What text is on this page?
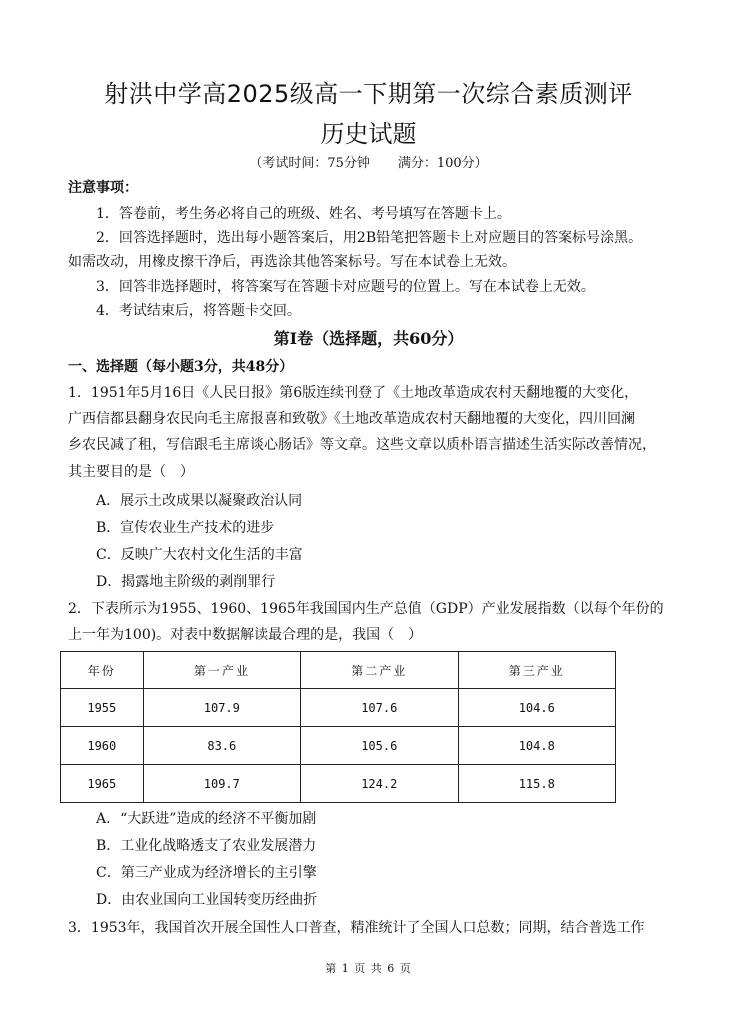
射洪中学高2025级高一下期第一次综合素质测评
历史试题
（考试时间：75分钟 满分：100分）
注意事项：
1．答卷前，考生务必将自己的班级、姓名、考号填写在答题卡上。
2．回答选择题时，选出每小题答案后，用2B铅笔把答题卡上对应题目的答案标号涂黑。
如需改动，用橡皮擦干净后，再选涂其他答案标号。写在本试卷上无效。
3．回答非选择题时，将答案写在答题卡对应题号的位置上。写在本试卷上无效。
4．考试结束后，将答题卡交回。
第Ⅰ卷（选择题，共60分）
一、选择题（每小题3分，共48分）
1．1951年5月16日《人民日报》第6版连续刊登了《土地改革造成农村天翻地覆的大变化，
广西信都县翻身农民向毛主席报喜和致敬》《土地改革造成农村天翻地覆的大变化，四川回澜
乡农民减了租，写信跟毛主席谈心肠话》等文章。这些文章以质朴语言描述生活实际改善情况，
其主要目的是（　）
A．展示土改成果以凝聚政治认同
B．宣传农业生产技术的进步
C．反映广大农村文化生活的丰富
D．揭露地主阶级的剥削罪行
2．下表所示为1955、1960、1965年我国国内生产总值（GDP）产业发展指数（以每个年份的
上一年为100)。对表中数据解读最合理的是，我国（　）
年份	第一产业	第二产业	第三产业
1955	107.9	107.6	104.6
1960	83.6	105.6	104.8
1965	109.7	124.2	115.8
A．“大跃进”造成的经济不平衡加剧
B．工业化战略透支了农业发展潜力
C．第三产业成为经济增长的主引擎
D．由农业国向工业国转变历经曲折
3．1953年，我国首次开展全国性人口普查，精准统计了全国人口总数；同期，结合普选工作
第 1 页 共 6 页
